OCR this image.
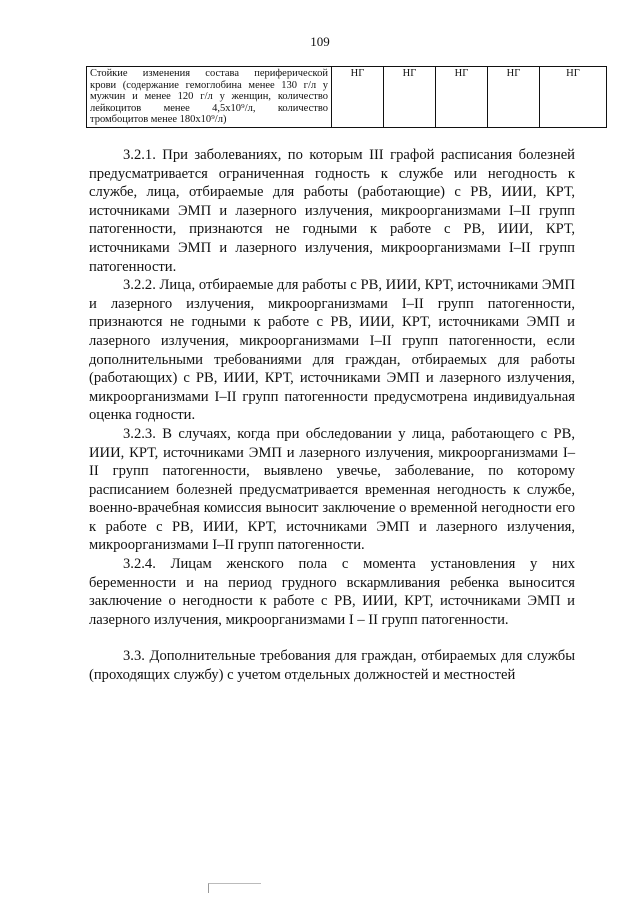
109
Стойкие изменения состава периферической
крови (содержание гемоглобина менее 130 г/л у
мужчин и менее 120 г/л у женщин, количество
лейкоцитов менее 4,5х10⁹/л, количество

тромбоцитов менее 180х10⁹/л)
	НГ	НГ	НГ	НГ	НГ

3.2.1. При заболеваниях, по которым III графой расписания болезней предусматривается ограниченная годность к службе или негодность к службе, лица, отбираемые для работы (работающие) с РВ, ИИИ, КРТ, источниками ЭМП и лазерного излучения, микроорганизмами I–II групп патогенности, признаются не годными к работе с РВ, ИИИ, КРТ, источниками ЭМП и лазерного излучения, микроорганизмами I–II групп патогенности.

3.2.2. Лица, отбираемые для работы с РВ, ИИИ, КРТ, источниками ЭМП и лазерного излучения, микроорганизмами I–II групп патогенности, признаются не годными к работе с РВ, ИИИ, КРТ, источниками ЭМП и лазерного излучения, микроорганизмами I–II групп патогенности, если дополнительными требованиями для граждан, отбираемых для работы (работающих) с РВ, ИИИ, КРТ, источниками ЭМП и лазерного излучения, микроорганизмами I–II групп патогенности предусмотрена индивидуальная оценка годности.

3.2.3. В случаях, когда при обследовании у лица, работающего с РВ, ИИИ, КРТ, источниками ЭМП и лазерного излучения, микроорганизмами I–II групп патогенности, выявлено увечье, заболевание, по которому расписанием болезней предусматривается временная негодность к службе, военно-врачебная комиссия выносит заключение о временной негодности его к работе с РВ, ИИИ, КРТ, источниками ЭМП и лазерного излучения, микроорганизмами I–II групп патогенности.

3.2.4. Лицам женского пола с момента установления у них беременности и на период грудного вскармливания ребенка выносится заключение о негодности к работе с РВ, ИИИ, КРТ, источниками ЭМП и лазерного излучения, микроорганизмами I – II групп патогенности.

3.3. Дополнительные требования для граждан, отбираемых для службы (проходящих службу) с учетом отдельных должностей и местностей
